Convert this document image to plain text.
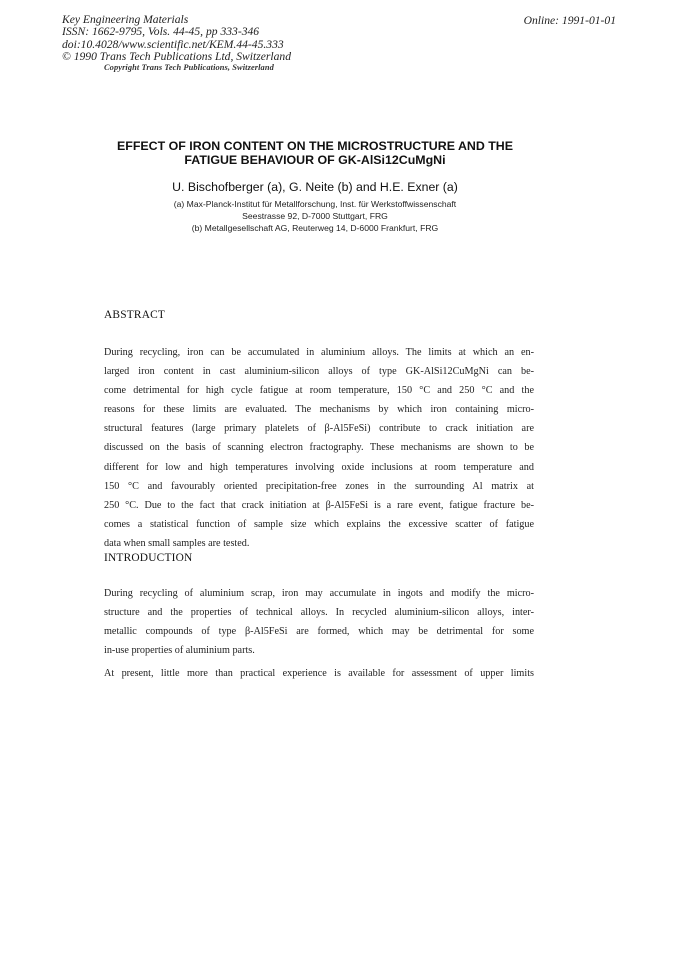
Key Engineering Materials
ISSN: 1662-9795, Vols. 44-45, pp 333-346
doi:10.4028/www.scientific.net/KEM.44-45.333
© 1990 Trans Tech Publications Ltd, Switzerland
Online: 1991-01-01
Copyright Trans Tech Publications, Switzerland
EFFECT OF IRON CONTENT ON THE MICROSTRUCTURE AND THE
FATIGUE BEHAVIOUR OF GK-AlSi12CuMgNi
U. Bischofberger (a), G. Neite (b) and H.E. Exner (a)
(a) Max-Planck-Institut für Metallforschung, Inst. für Werkstoffwissenschaft
Seestrasse 92, D-7000 Stuttgart, FRG
(b) Metallgesellschaft AG, Reuterweg 14, D-6000 Frankfurt, FRG
ABSTRACT
During recycling, iron can be accumulated in aluminium alloys. The limits at which an en-
larged iron content in cast aluminium-silicon alloys of type GK-AlSi12CuMgNi can be-
come detrimental for high cycle fatigue at room temperature, 150 °C and 250 °C and the
reasons for these limits are evaluated. The mechanisms by which iron containing micro-
structural features (large primary platelets of β-Al5FeSi) contribute to crack initiation are
discussed on the basis of scanning electron fractography. These mechanisms are shown to be
different for low and high temperatures involving oxide inclusions at room temperature and
150 °C and favourably oriented precipitation-free zones in the surrounding Al matrix at
250 °C. Due to the fact that crack initiation at β-Al5FeSi is a rare event, fatigue fracture be-
comes a statistical function of sample size which explains the excessive scatter of fatigue
data when small samples are tested.
INTRODUCTION
During recycling of aluminium scrap, iron may accumulate in ingots and modify the micro-
structure and the properties of technical alloys. In recycled aluminium-silicon alloys, inter-
metallic compounds of type β-Al5FeSi are formed, which may be detrimental for some
in-use properties of aluminium parts.
At present, little more than practical experience is available for assessment of upper limits
